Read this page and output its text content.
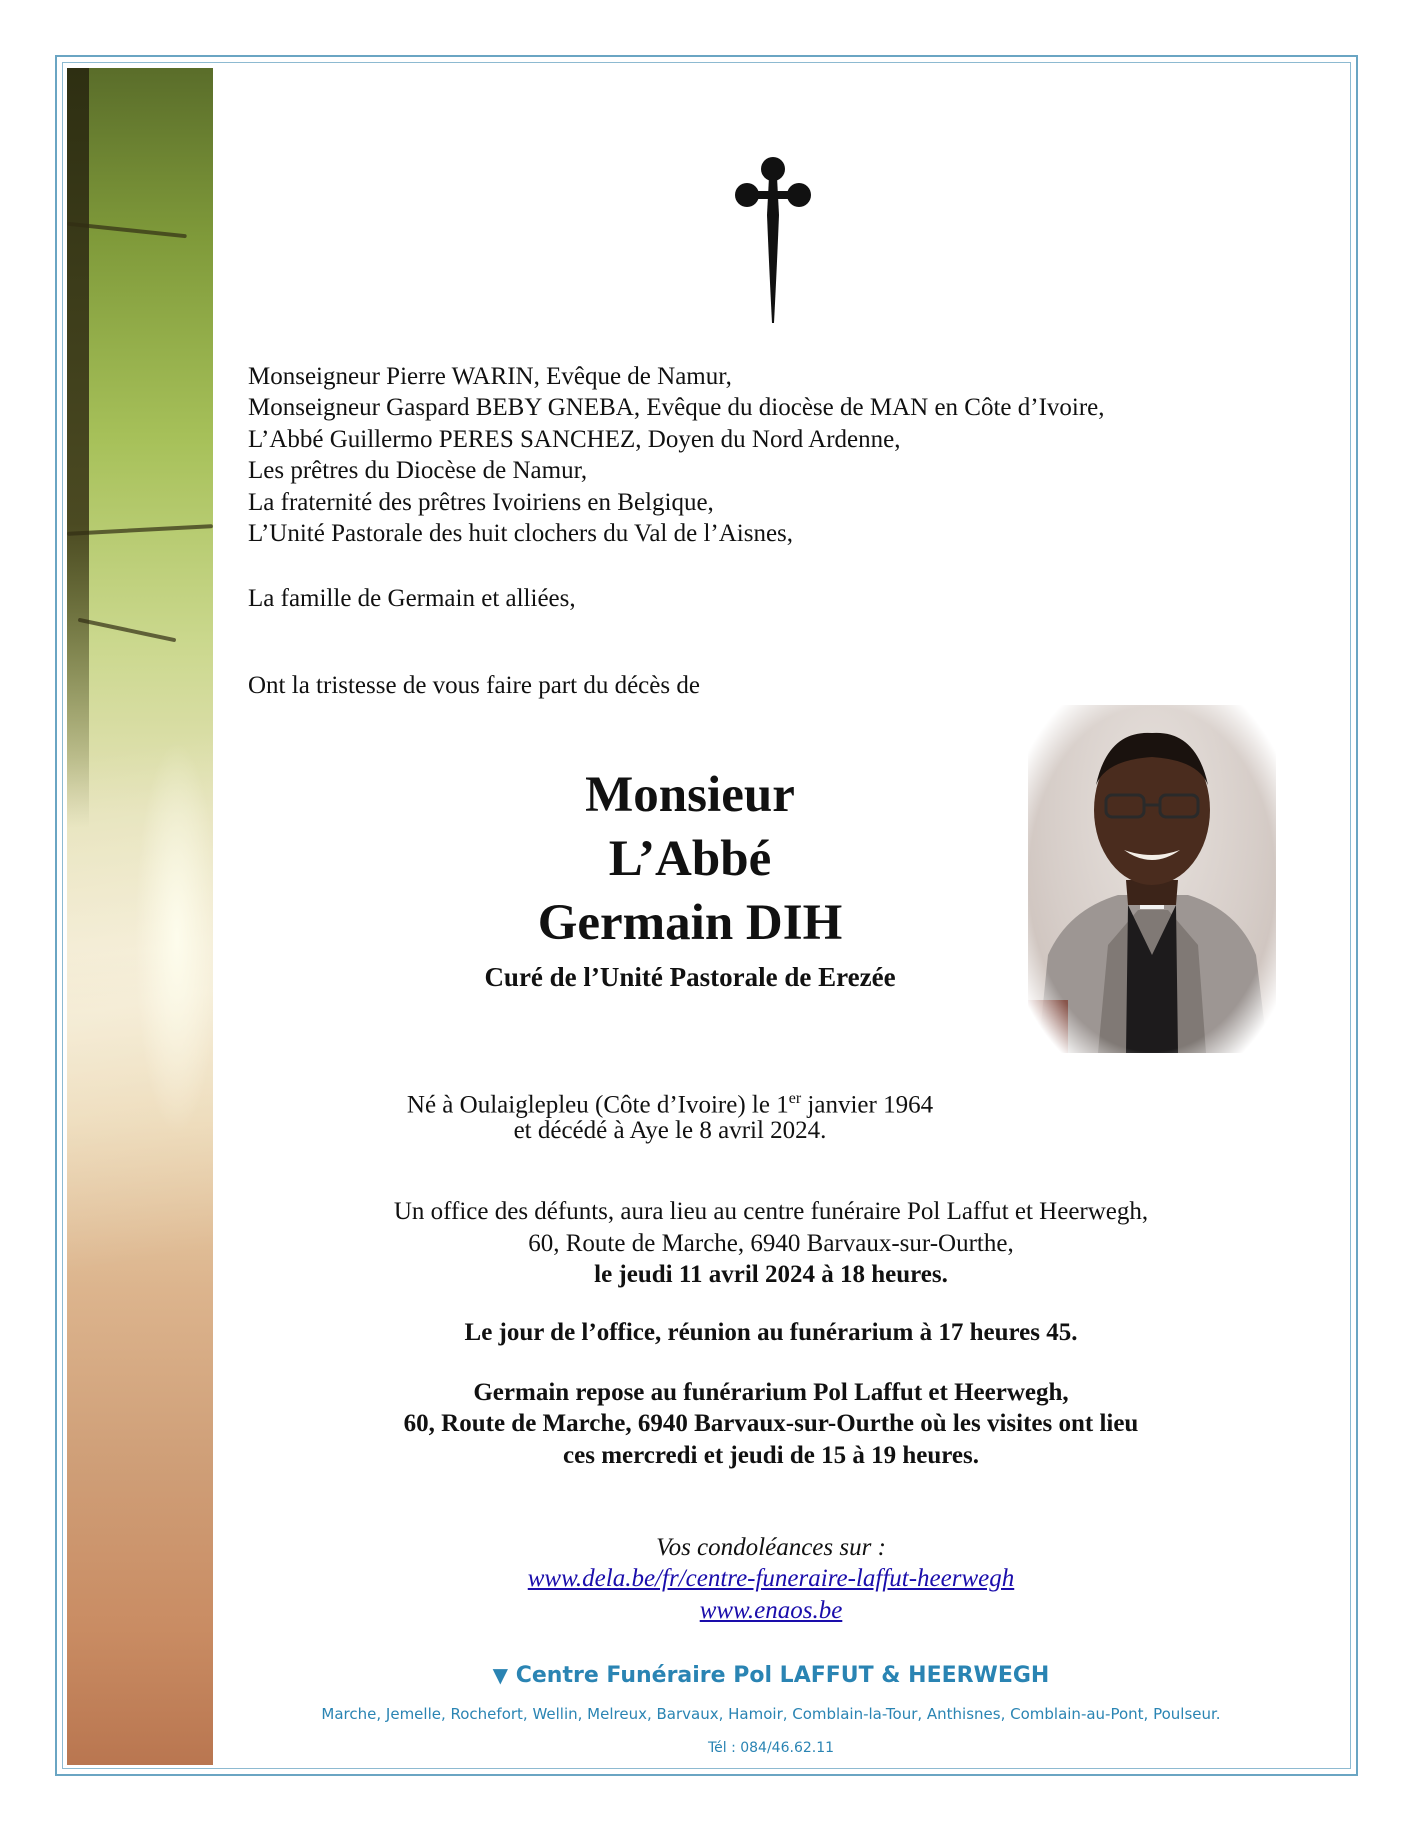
Monseigneur Pierre WARIN, Evêque de Namur,
Monseigneur Gaspard BEBY GNEBA, Evêque du diocèse de MAN en Côte d’Ivoire,
L’Abbé Guillermo PERES SANCHEZ, Doyen du Nord Ardenne,
Les prêtres du Diocèse de Namur,
La fraternité des prêtres Ivoiriens en Belgique,
L’Unité Pastorale des huit clochers du Val de l’Aisnes,
La famille de Germain et alliées,
Ont la tristesse de vous faire part du décès de
Monsieur
L’Abbé
Germain DIH
Curé de l’Unité Pastorale de Erezée
Né à Oulaiglepleu (Côte d’Ivoire) le 1er janvier 1964
et décédé à Aye le 8 avril 2024.
Un office des défunts, aura lieu au centre funéraire Pol Laffut et Heerwegh,
60, Route de Marche, 6940 Barvaux-sur-Ourthe,
le jeudi 11 avril 2024 à 18 heures.
Le jour de l’office, réunion au funérarium à 17 heures 45.
Germain repose au funérarium Pol Laffut et Heerwegh,
60, Route de Marche, 6940 Barvaux-sur-Ourthe où les visites ont lieu
ces mercredi et jeudi de 15 à 19 heures.
Vos condoléances sur :
www.dela.be/fr/centre-funeraire-laffut-heerwegh
www.enaos.be
▼ Centre Funéraire Pol LAFFUT & HEERWEGH
Marche, Jemelle, Rochefort, Wellin, Melreux, Barvaux, Hamoir, Comblain-la-Tour, Anthisnes, Comblain-au-Pont, Poulseur.
Tél : 084/46.62.11
